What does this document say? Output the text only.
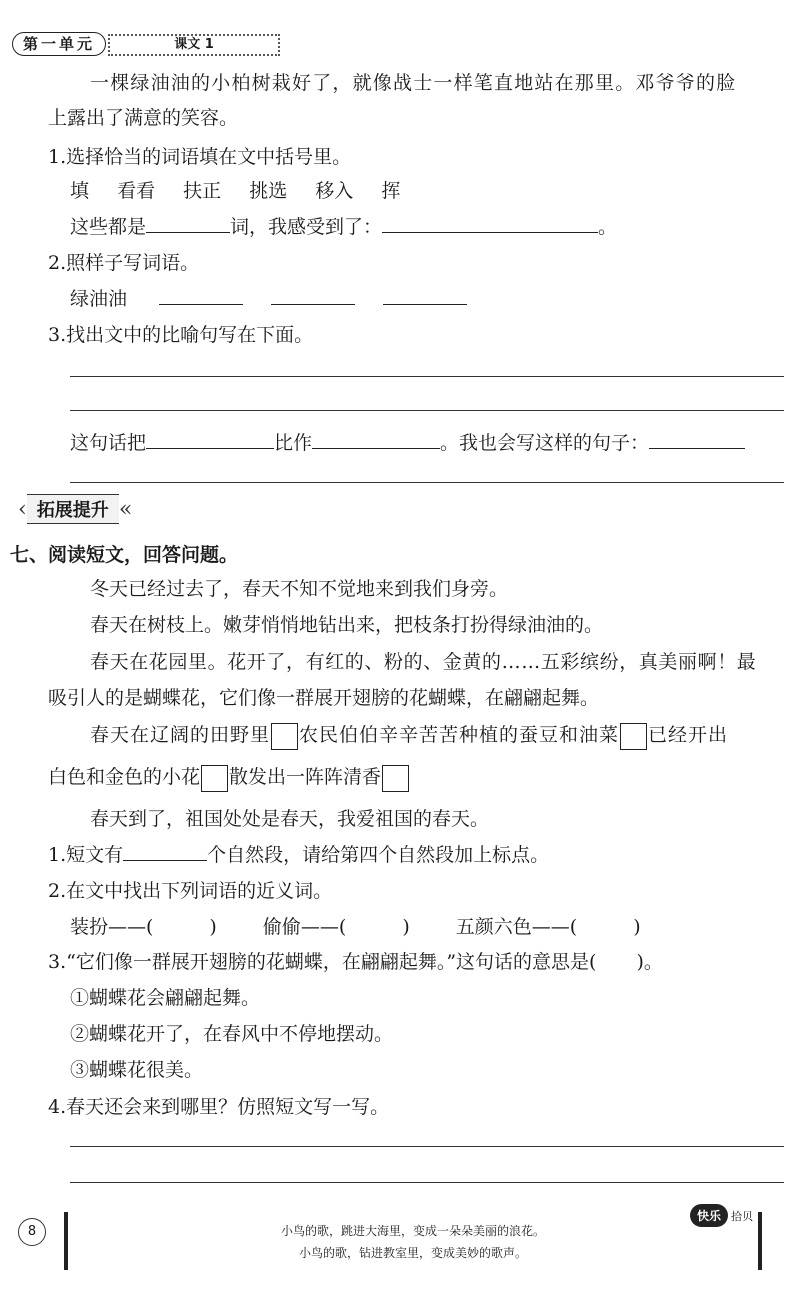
第一单元	课文 1
一棵绿油油的小柏树栽好了，就像战士一样笔直地站在那里。邓爷爷的脸
上露出了满意的笑容。
1.选择恰当的词语填在文中括号里。
填 看看 扶正 挑选 移入 挥
这些都是	词，我感受到了：	。
2.照样子写词语。
绿油油
3.找出文中的比喻句写在下面。
这句话把	比作	。我也会写这样的句子：
‹ 拓展提升 «
七、阅读短文，回答问题。
冬天已经过去了，春天不知不觉地来到我们身旁。
春天在树枝上。嫩芽悄悄地钻出来，把枝条打扮得绿油油的。
春天在花园里。花开了，有红的、粉的、金黄的……五彩缤纷，真美丽啊！最
吸引人的是蝴蝶花，它们像一群展开翅膀的花蝴蝶，在翩翩起舞。
春天在辽阔的田野里 农民伯伯辛辛苦苦种植的蚕豆和油菜 已经开出
白色和金色的小花 散发出一阵阵清香
春天到了，祖国处处是春天，我爱祖国的春天。
1.短文有	个自然段，请给第四个自然段加上标点。
2.在文中找出下列词语的近义词。
装扮——(	) 偷偷——(	) 五颜六色——(	)
3.“它们像一群展开翅膀的花蝴蝶，在翩翩起舞。”这句话的意思是( )。
①蝴蝶花会翩翩起舞。
②蝴蝶花开了，在春风中不停地摆动。
③蝴蝶花很美。
4.春天还会来到哪里？仿照短文写一写。
8	小鸟的歌，跳进大海里，变成一朵朵美丽的浪花。
小鸟的歌，钻进教室里，变成美妙的歌声。
快乐 拾贝
